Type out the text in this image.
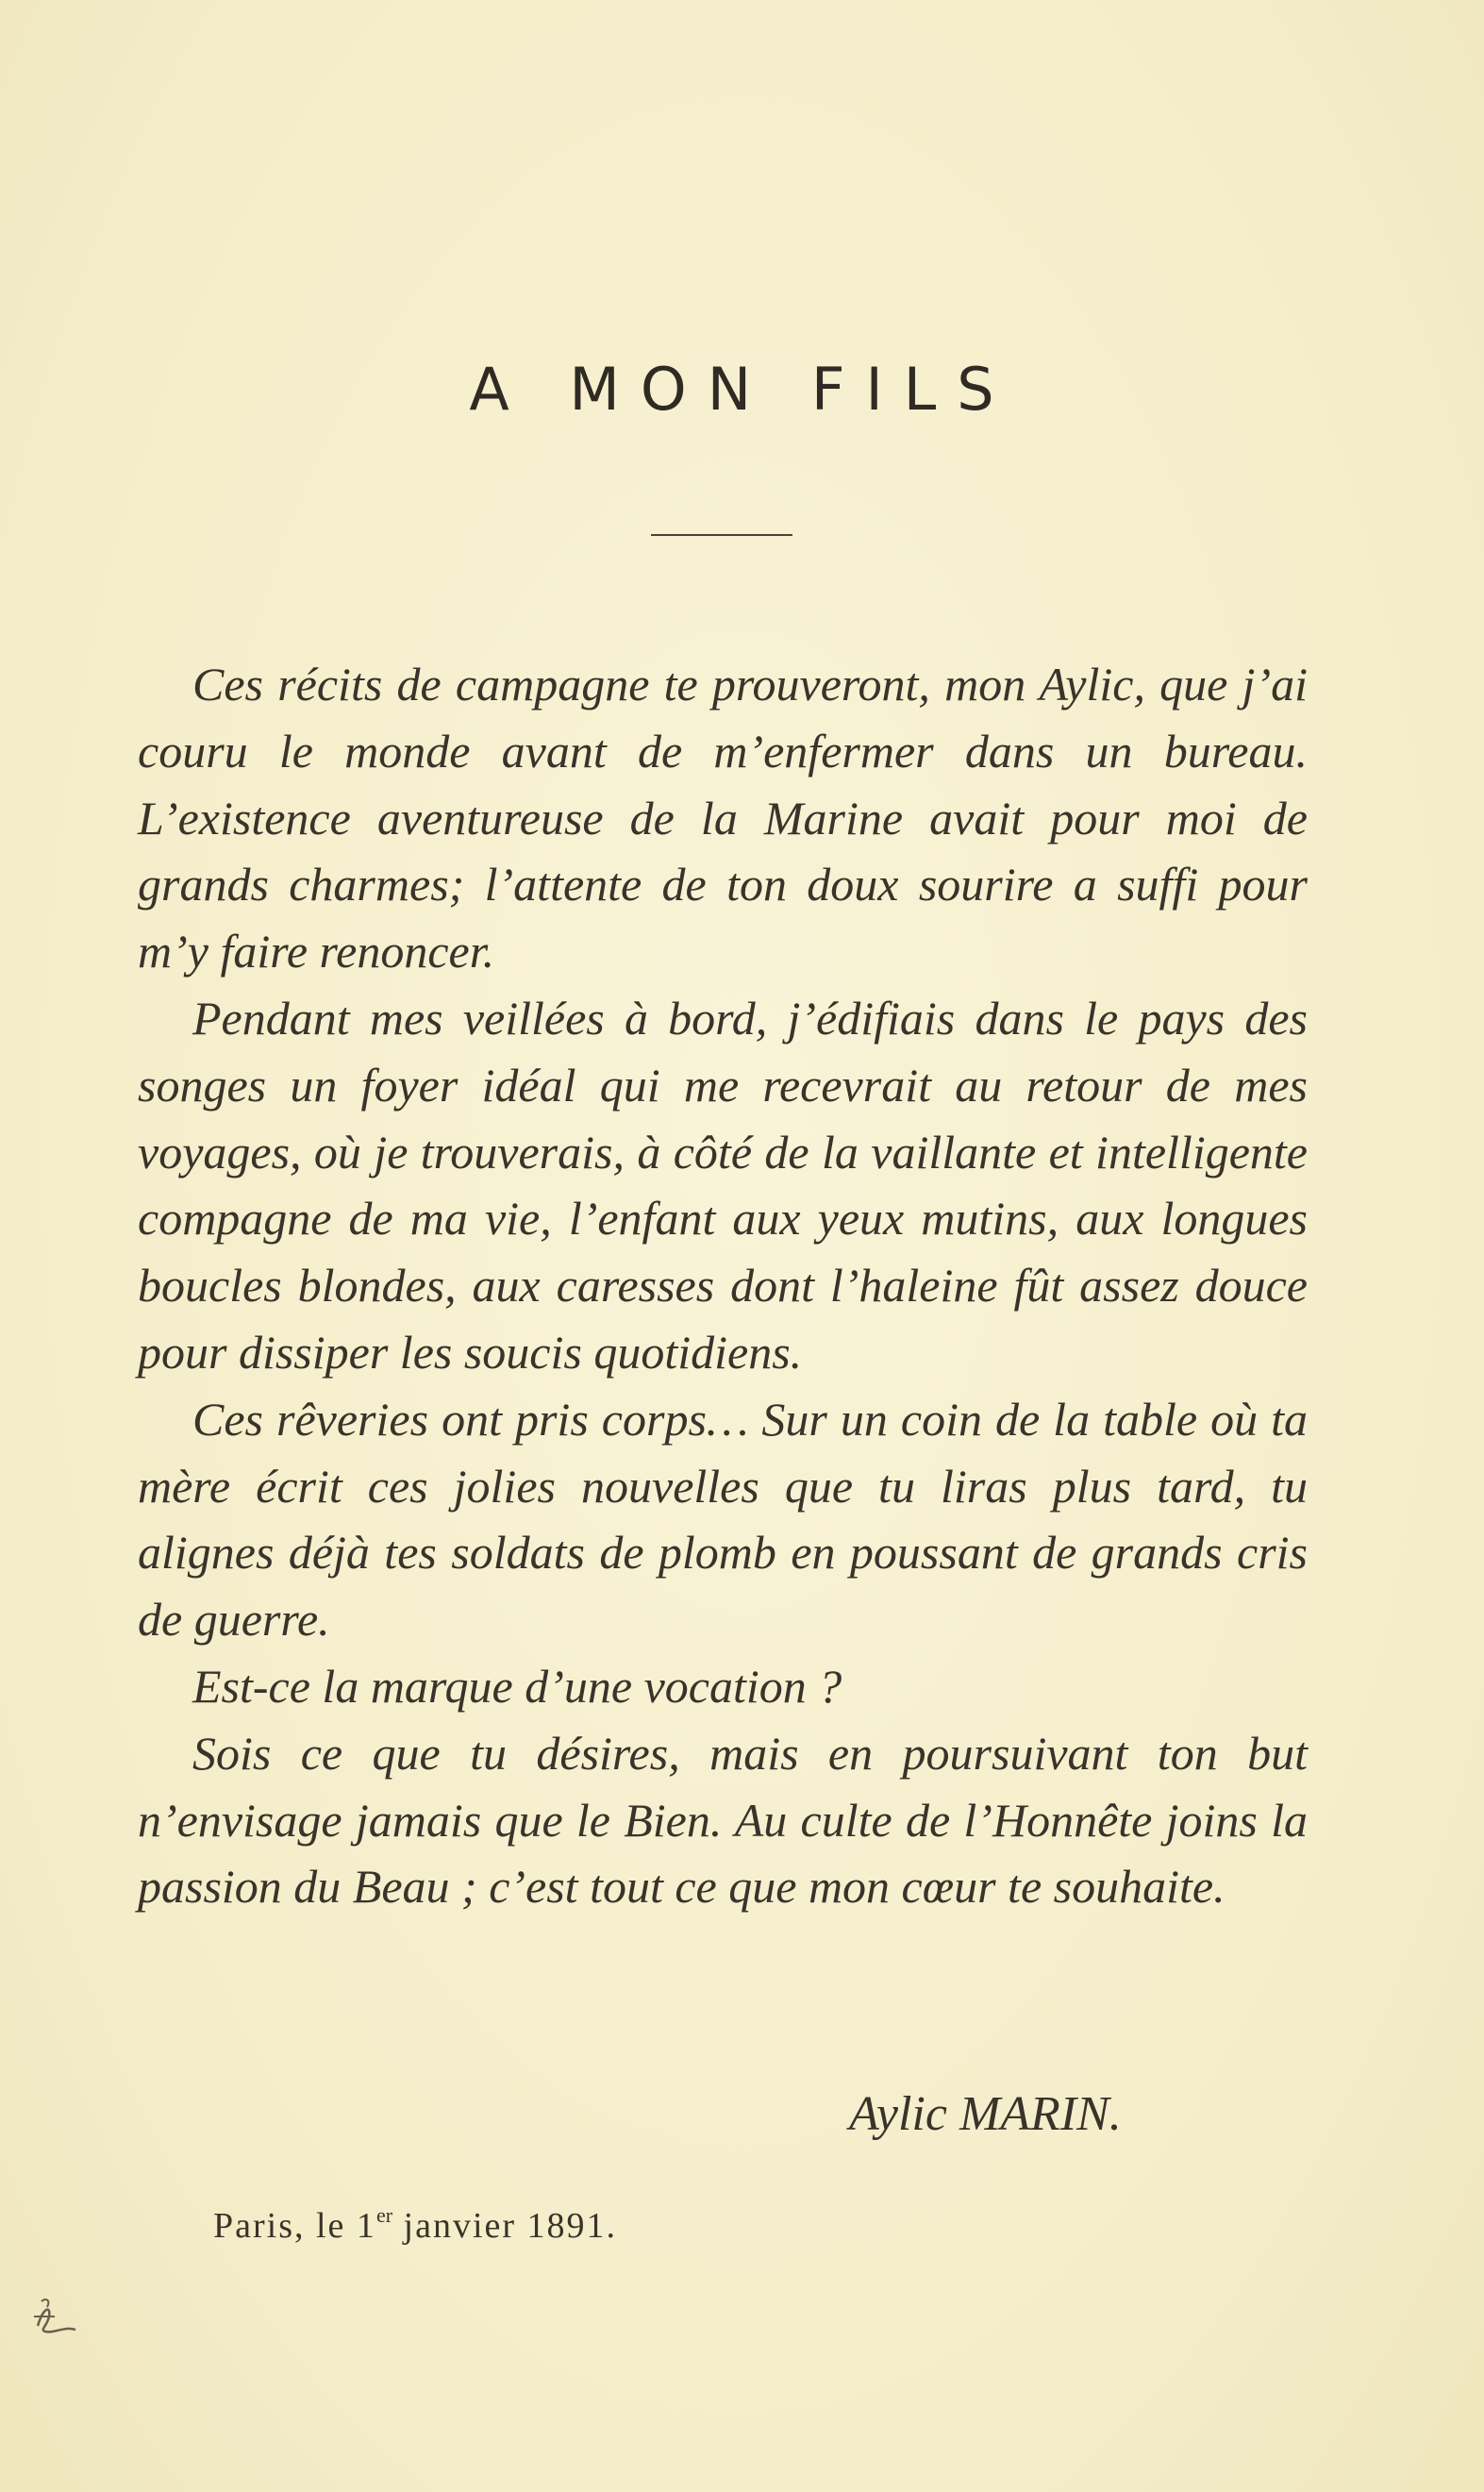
A MON FILS

Ces récits de campagne te prouveront, mon Aylic, que j’ai couru le monde avant de m’enfermer dans un bureau. L’existence aventureuse de la Marine avait pour moi de grands charmes; l’attente de ton doux sourire a suffi pour m’y faire renoncer.

Pendant mes veillées à bord, j’édifiais dans le pays des songes un foyer idéal qui me recevrait au retour de mes voyages, où je trouverais, à côté de la vaillante et intelligente compagne de ma vie, l’enfant aux yeux mutins, aux longues boucles blondes, aux caresses dont l’haleine fût assez douce pour dissiper les soucis quotidiens.

Ces rêveries ont pris corps… Sur un coin de la table où ta mère écrit ces jolies nouvelles que tu liras plus tard, tu alignes déjà tes soldats de plomb en poussant de grands cris de guerre.

Est-ce la marque d’une vocation ?

Sois ce que tu désires, mais en poursuivant ton but n’envisage jamais que le Bien. Au culte de l’Honnête joins la passion du Beau ; c’est tout ce que mon cœur te souhaite.

Aylic MARIN.
Paris, le 1er janvier 1891.
